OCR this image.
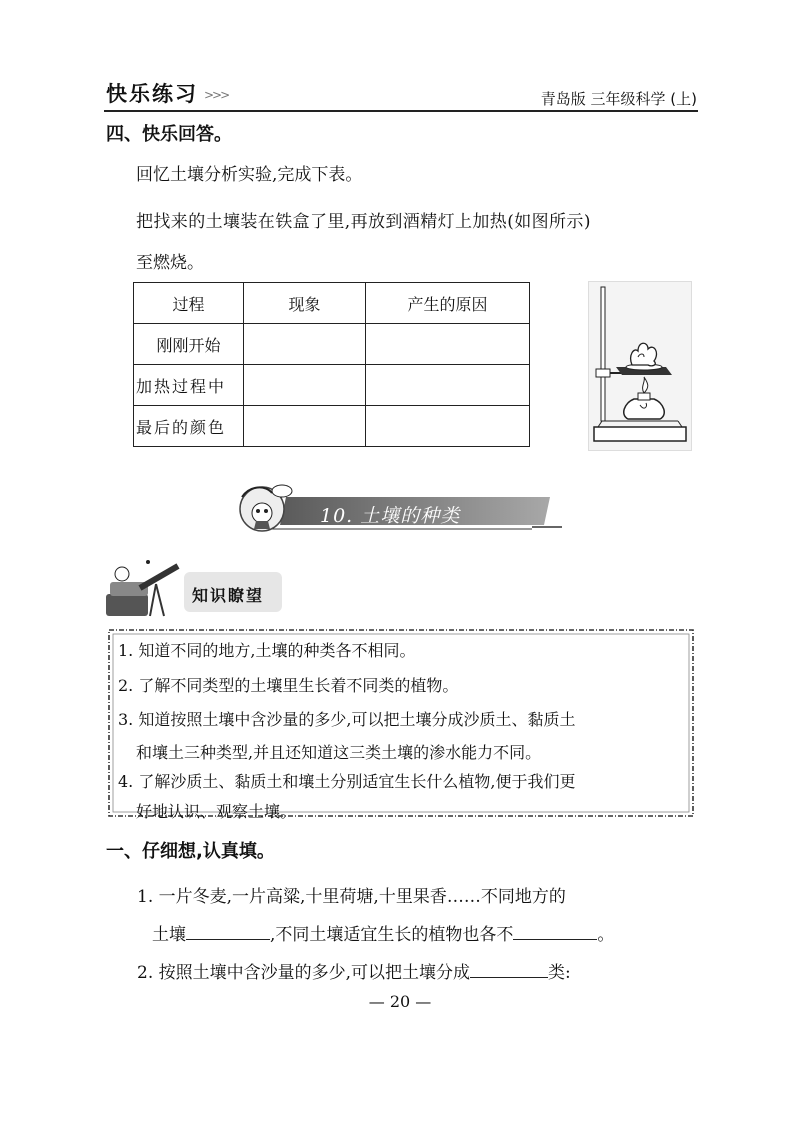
快乐练习 >>>	青岛版 三年级科学 (上)
四、快乐回答。
回忆土壤分析实验,完成下表。
把找来的土壤装在铁盒了里,再放到酒精灯上加热(如图所示)
至燃烧。
过程	现象	产生的原因
刚刚开始		
加热过程中		
最后的颜色		
10. 土壤的种类
知识瞭望
1. 知道不同的地方,土壤的种类各不相同。
2. 了解不同类型的土壤里生长着不同类的植物。
3. 知道按照土壤中含沙量的多少,可以把土壤分成沙质土、黏质土
和壤土三种类型,并且还知道这三类土壤的渗水能力不同。
4. 了解沙质土、黏质土和壤土分别适宜生长什么植物,便于我们更
好地认识、观察土壤。
一、仔细想,认真填。
1. 一片冬麦,一片高粱,十里荷塘,十里果香……不同地方的
土壤	,不同土壤适宜生长的植物也各不	。
2. 按照土壤中含沙量的多少,可以把土壤分成	类:
— 20 —
